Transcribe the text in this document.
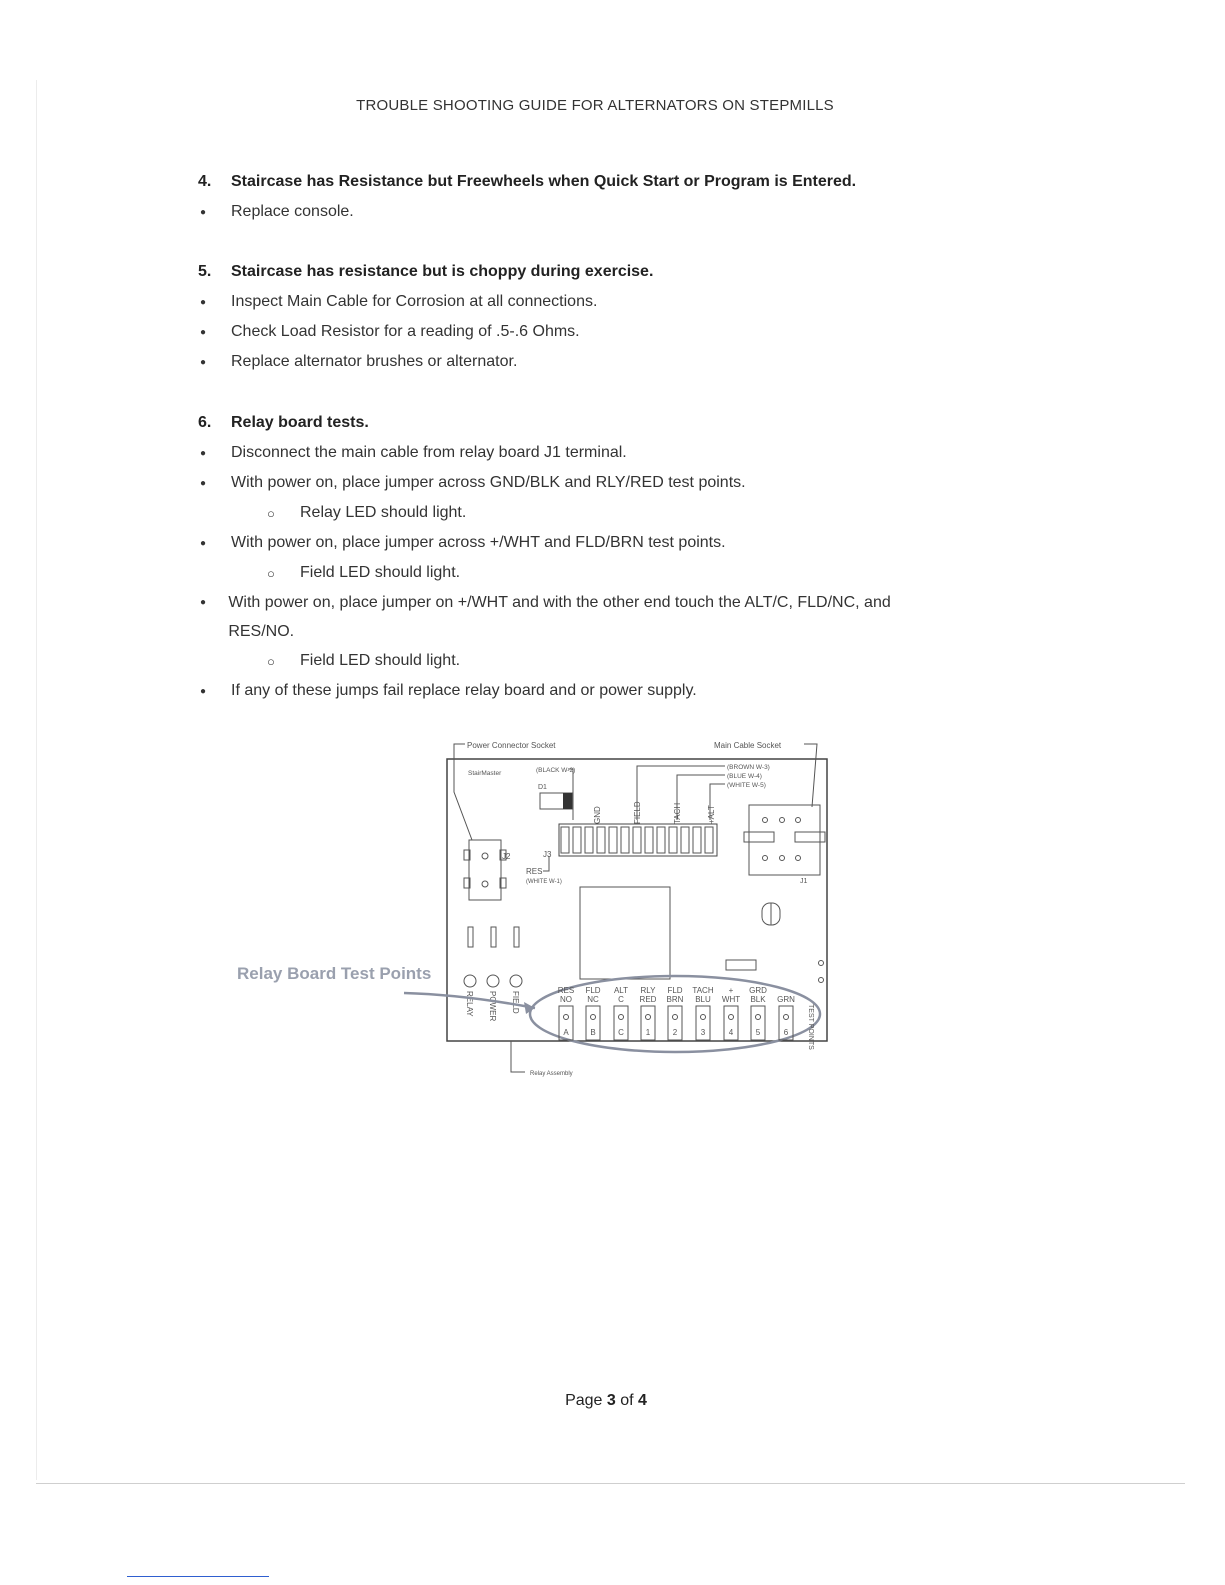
TROUBLE SHOOTING GUIDE FOR ALTERNATORS ON STEPMILLS
4.	Staircase has Resistance but Freewheels when Quick Start or Program is Entered.
●	Replace console.
5.	Staircase has resistance but is choppy during exercise.
●	Inspect Main Cable for Corrosion at all connections.
●	Check Load Resistor for a reading of .5-.6 Ohms.
●	Replace alternator brushes or alternator.
6.	Relay board tests.
●	Disconnect the main cable from relay board J1 terminal.
●	With power on, place jumper across GND/BLK and RLY/RED test points.
○	Relay LED should light.
●	With power on, place jumper across +/WHT and FLD/BRN test points.
○	Field LED should light.
●	With power on, place jumper on +/WHT and with the other end touch the ALT/C, FLD/NC, and RES/NO.
○	Field LED should light.
●	If any of these jumps fail replace relay board and or power supply.
Power Connector Socket	Main Cable Socket
StairMaster	(BLACK W-2)
D1
(BROWN W-3)
(BLUE W-4)
(WHITE W-5)
GND	FIELD	TACH	+ALT
J3
RES
(WHITE W-1)
J2
J1
RELAY POWER FIELD
Relay Board Test Points
RES
NO
FLD
NC
ALT
C
RLY
RED
FLD
BRN
TACH
BLU
+
WHT
GRD
BLK GRN
TEST POINTS
A	B	C	1	2	3	4	5	6
Relay Assembly
Page 3 of 4
